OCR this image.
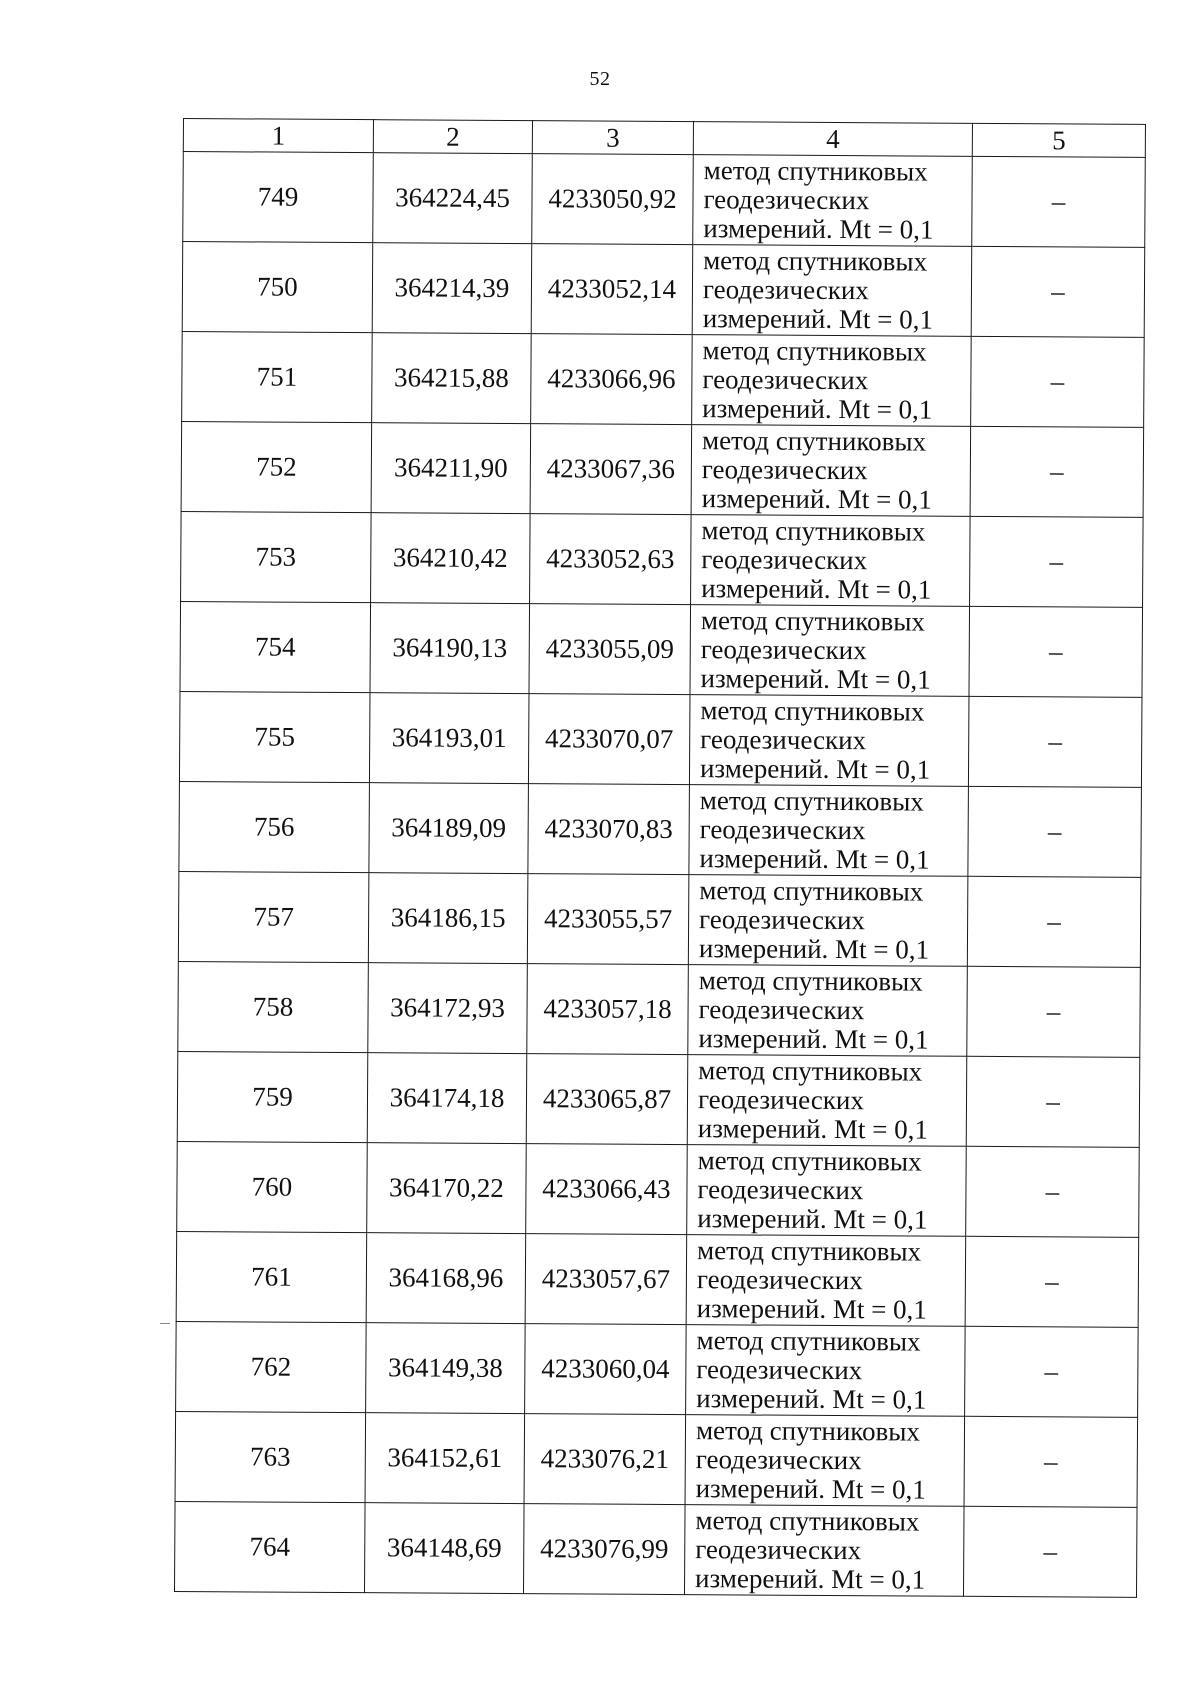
52
1	2	3	4	5
749	364224,45	4233050,92	метод спутниковых
геодезических
измерений. Mt = 0,1	–
750	364214,39	4233052,14	метод спутниковых
геодезических
измерений. Mt = 0,1	–
751	364215,88	4233066,96	метод спутниковых
геодезических
измерений. Mt = 0,1	–
752	364211,90	4233067,36	метод спутниковых
геодезических
измерений. Mt = 0,1	–
753	364210,42	4233052,63	метод спутниковых
геодезических
измерений. Mt = 0,1	–
754	364190,13	4233055,09	метод спутниковых
геодезических
измерений. Mt = 0,1	–
755	364193,01	4233070,07	метод спутниковых
геодезических
измерений. Mt = 0,1	–
756	364189,09	4233070,83	метод спутниковых
геодезических
измерений. Mt = 0,1	–
757	364186,15	4233055,57	метод спутниковых
геодезических
измерений. Mt = 0,1	–
758	364172,93	4233057,18	метод спутниковых
геодезических
измерений. Mt = 0,1	–
759	364174,18	4233065,87	метод спутниковых
геодезических
измерений. Mt = 0,1	–
760	364170,22	4233066,43	метод спутниковых
геодезических
измерений. Mt = 0,1	–
761	364168,96	4233057,67	метод спутниковых
геодезических
измерений. Mt = 0,1	–
762	364149,38	4233060,04	метод спутниковых
геодезических
измерений. Mt = 0,1	–
763	364152,61	4233076,21	метод спутниковых
геодезических
измерений. Mt = 0,1	–
764	364148,69	4233076,99	метод спутниковых
геодезических
измерений. Mt = 0,1	–
